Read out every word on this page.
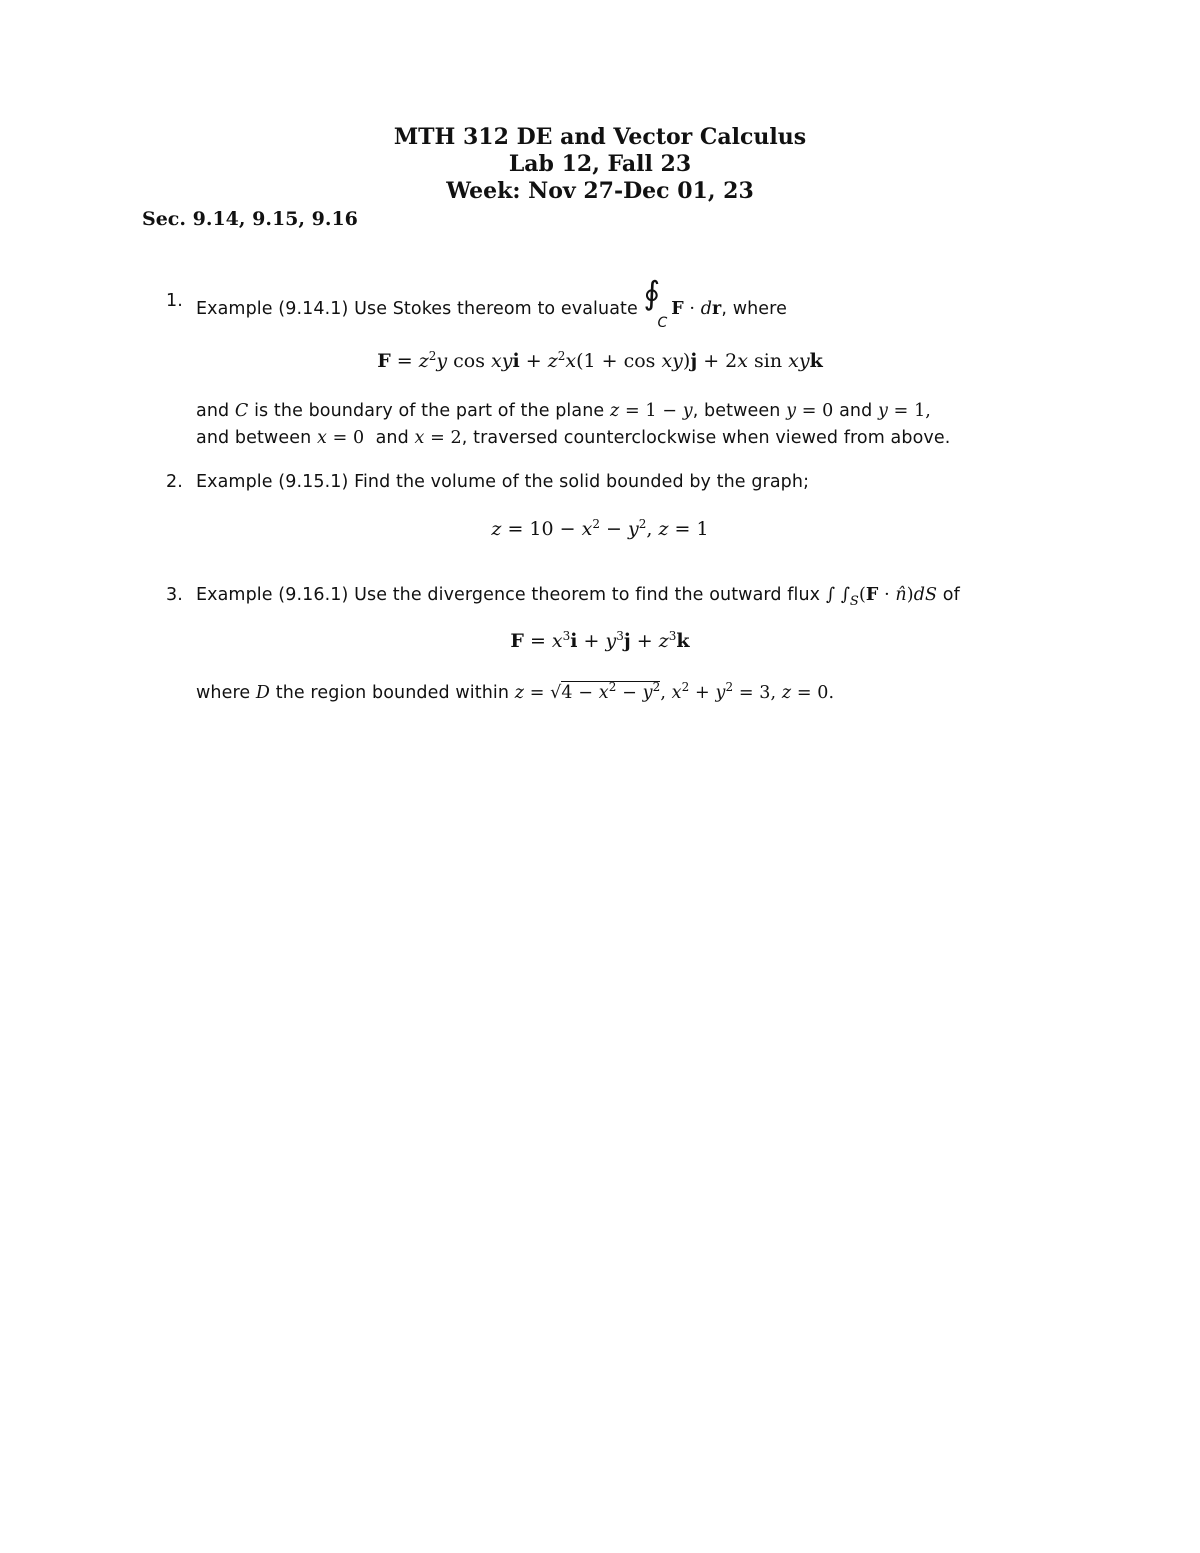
MTH 312 DE and Vector Calculus
Lab 12, Fall 23
Week: Nov 27-Dec 01, 23
Sec. 9.14, 9.15, 9.16
1. Example (9.14.1) Use Stokes thereom to evaluate ∮
C
F · dr, where
$F = z^2y$ cos xyi + $z^2x(1 + \cos xy)j + 2x$ sin xyk
and C is the boundary of the part of the plane z = 1 − y, between y = 0 and y = 1,
and between x = 0 and x = 2, traversed counterclockwise when viewed from above.
2. Example (9.15.1) Find the volume of the solid bounded by the graph;
$z = 10 - x^2 - y^2$, z = 1
3. Example (9.16.1) Use the divergence theorem to find the outward flux ∫ $\int_S(F$ · n̂)dS of
$F = x^3i + y^3j + z^3k$
where D the region bounded within $z = √4 - x^2 - y^2$, $x^2 + y^2 = 3$, z = 0.
